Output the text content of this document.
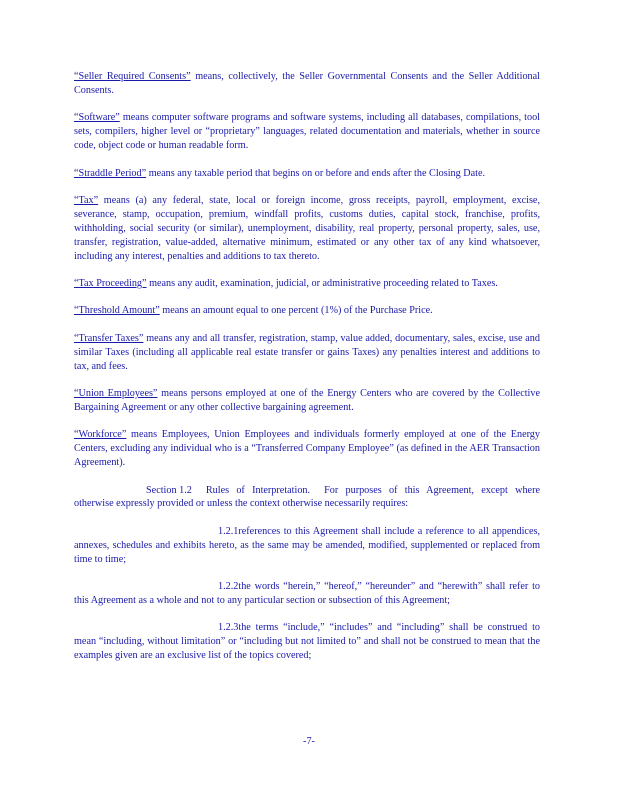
“Seller Required Consents” means, collectively, the Seller Governmental Consents and the Seller Additional Consents.

“Software” means computer software programs and software systems, including all databases, compilations, tool sets, compilers, higher level or “proprietary” languages, related documentation and materials, whether in source code, object code or human readable form.

“Straddle Period” means any taxable period that begins on or before and ends after the Closing Date.

“Tax” means (a) any federal, state, local or foreign income, gross receipts, payroll, employment, excise, severance, stamp, occupation, premium, windfall profits, customs duties, capital stock, franchise, profits, withholding, social security (or similar), unemployment, disability, real property, personal property, sales, use, transfer, registration, value-added, alternative minimum, estimated or any other tax of any kind whatsoever, including any interest, penalties and additions to tax thereto.

“Tax Proceeding” means any audit, examination, judicial, or administrative proceeding related to Taxes.

“Threshold Amount” means an amount equal to one percent (1%) of the Purchase Price.

“Transfer Taxes” means any and all transfer, registration, stamp, value added, documentary, sales, excise, use and similar Taxes (including all applicable real estate transfer or gains Taxes) any penalties interest and additions to tax, and fees.

“Union Employees” means persons employed at one of the Energy Centers who are covered by the Collective Bargaining Agreement or any other collective bargaining agreement.

“Workforce” means Employees, Union Employees and individuals formerly employed at one of the Energy Centers, excluding any individual who is a “Transferred Company Employee” (as defined in the AER Transaction Agreement).

Section 1.2 Rules of Interpretation. For purposes of this Agreement, except where otherwise expressly provided or unless the context otherwise necessarily requires:

1.2.1references to this Agreement shall include a reference to all appendices, annexes, schedules and exhibits hereto, as the same may be amended, modified, supplemented or replaced from time to time;

1.2.2the words “herein,” “hereof,” “hereunder” and “herewith” shall refer to this Agreement as a whole and not to any particular section or subsection of this Agreement;

1.2.3the terms “include,” “includes” and “including” shall be construed to mean “including, without limitation” or “including but not limited to” and shall not be construed to mean that the examples given are an exclusive list of the topics covered;

-7-
